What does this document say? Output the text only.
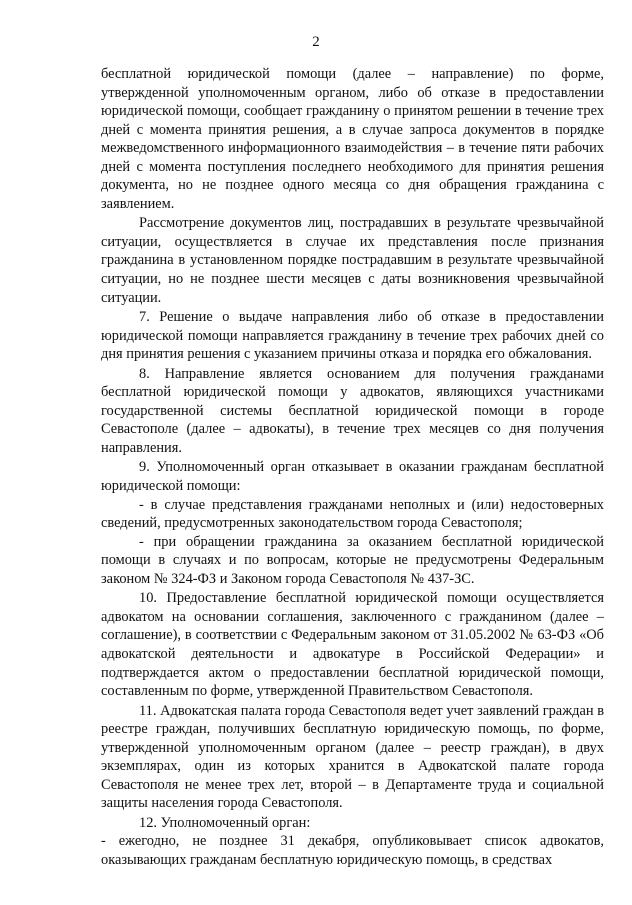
2

бесплатной юридической помощи (далее – направление) по форме, утвержденной уполномоченным органом, либо об отказе в предоставлении юридической помощи, сообщает гражданину о принятом решении в течение трех дней с момента принятия решения, а в случае запроса документов в порядке межведомственного информационного взаимодействия – в течение пяти рабочих дней с момента поступления последнего необходимого для принятия решения документа, но не позднее одного месяца со дня обращения гражданина с заявлением.

Рассмотрение документов лиц, пострадавших в результате чрезвычайной ситуации, осуществляется в случае их представления после признания гражданина в установленном порядке пострадавшим в результате чрезвычайной ситуации, но не позднее шести месяцев с даты возникновения чрезвычайной ситуации.

7. Решение о выдаче направления либо об отказе в предоставлении юридической помощи направляется гражданину в течение трех рабочих дней со дня принятия решения с указанием причины отказа и порядка его обжалования.

8. Направление является основанием для получения гражданами бесплатной юридической помощи у адвокатов, являющихся участниками государственной системы бесплатной юридической помощи в городе Севастополе (далее – адвокаты), в течение трех месяцев со дня получения направления.

9. Уполномоченный орган отказывает в оказании гражданам бесплатной юридической помощи:

- в случае представления гражданами неполных и (или) недостоверных сведений, предусмотренных законодательством города Севастополя;

- при обращении гражданина за оказанием бесплатной юридической помощи в случаях и по вопросам, которые не предусмотрены Федеральным законом № 324-ФЗ и Законом города Севастополя № 437-ЗС.

10. Предоставление бесплатной юридической помощи осуществляется адвокатом на основании соглашения, заключенного с гражданином (далее – соглашение), в соответствии с Федеральным законом от 31.05.2002 № 63-ФЗ «Об адвокатской деятельности и адвокатуре в Российской Федерации» и подтверждается актом о предоставлении бесплатной юридической помощи, составленным по форме, утвержденной Правительством Севастополя.

11. Адвокатская палата города Севастополя ведет учет заявлений граждан в реестре граждан, получивших бесплатную юридическую помощь, по форме, утвержденной уполномоченным органом (далее – реестр граждан), в двух экземплярах, один из которых хранится в Адвокатской палате города Севастополя не менее трех лет, второй – в Департаменте труда и социальной защиты населения города Севастополя.

12. Уполномоченный орган:

- ежегодно, не позднее 31 декабря, опубликовывает список адвокатов, оказывающих гражданам бесплатную юридическую помощь, в средствах
